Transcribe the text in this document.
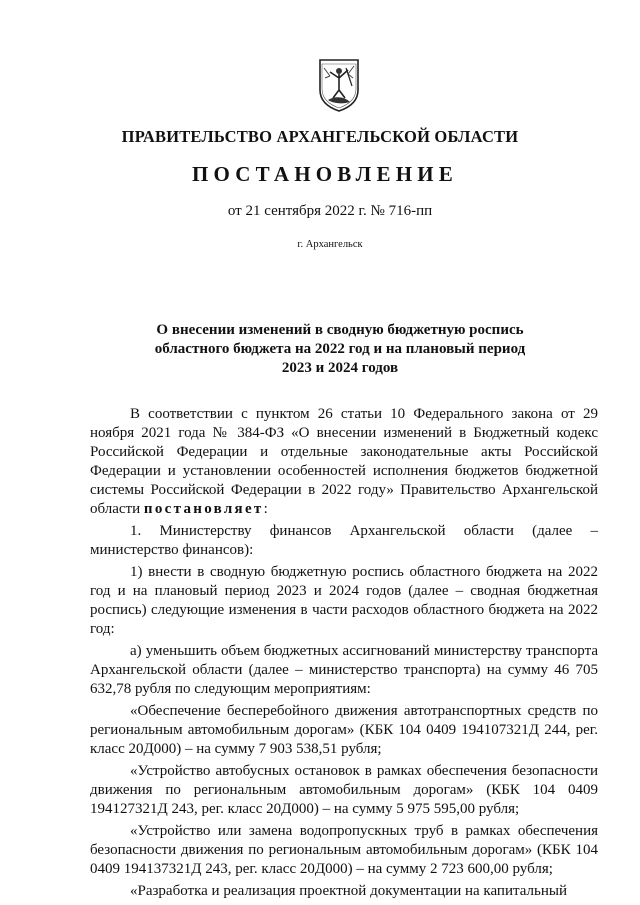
ПРАВИТЕЛЬСТВО АРХАНГЕЛЬСКОЙ ОБЛАСТИ
ПОСТАНОВЛЕНИЕ
от 21 сентября 2022 г. № 716-пп
г. Архангельск
О внесении изменений в сводную бюджетную роспись
областного бюджета на 2022 год и на плановый период
2023 и 2024 годов

В соответствии с пунктом 26 статьи 10 Федерального закона от 29 ноября 2021 года № 384-ФЗ «О внесении изменений в Бюджетный кодекс Российской Федерации и отдельные законодательные акты Российской Федерации и установлении особенностей исполнения бюджетов бюджетной системы Российской Федерации в 2022 году» Правительство Архангельской области постановляет:

1. Министерству финансов Архангельской области (далее – министерство финансов):

1) внести в сводную бюджетную роспись областного бюджета на 2022 год и на плановый период 2023 и 2024 годов (далее – сводная бюджетная роспись) следующие изменения в части расходов областного бюджета на 2022 год:

а) уменьшить объем бюджетных ассигнований министерству транспорта Архангельской области (далее – министерство транспорта) на сумму 46 705 632,78 рубля по следующим мероприятиям:

«Обеспечение бесперебойного движения автотранспортных средств по региональным автомобильным дорогам» (КБК 104 0409 194107321Д 244, рег. класс 20Д000) – на сумму 7 903 538,51 рубля;

«Устройство автобусных остановок в рамках обеспечения безопасности движения по региональным автомобильным дорогам» (КБК 104 0409 194127321Д 243, рег. класс 20Д000) – на сумму 5 975 595,00 рубля;

«Устройство или замена водопропускных труб в рамках обеспечения безопасности движения по региональным автомобильным дорогам» (КБК 104 0409 194137321Д 243, рег. класс 20Д000) – на сумму 2 723 600,00 рубля;

«Разработка и реализация проектной документации на капитальный
